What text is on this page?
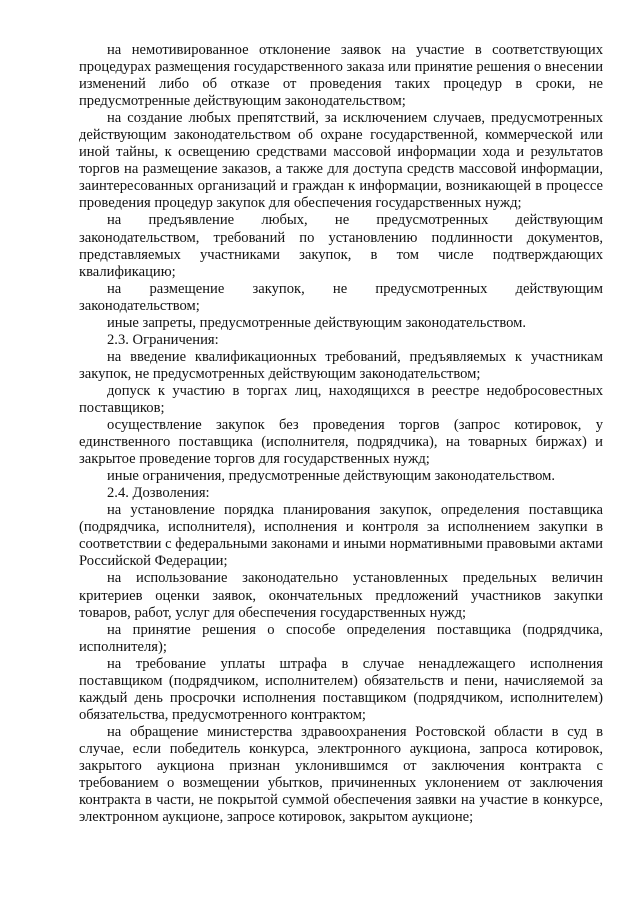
на немотивированное отклонение заявок на участие в соответствующих процедурах размещения государственного заказа или принятие решения о внесении изменений либо об отказе от проведения таких процедур в сроки, не предусмотренные действующим законодательством;

на создание любых препятствий, за исключением случаев, предусмотренных действующим законодательством об охране государственной, коммерческой или иной тайны, к освещению средствами массовой информации хода и результатов торгов на размещение заказов, а также для доступа средств массовой информации, заинтересованных организаций и граждан к информации, возникающей в процессе проведения процедур закупок для обеспечения государственных нужд;

на предъявление любых, не предусмотренных действующим законодательством, требований по установлению подлинности документов, представляемых участниками закупок, в том числе подтверждающих квалификацию;

на размещение закупок, не предусмотренных действующим законодательством;

иные запреты, предусмотренные действующим законодательством.

2.3. Ограничения:

на введение квалификационных требований, предъявляемых к участникам закупок, не предусмотренных действующим законодательством;

допуск к участию в торгах лиц, находящихся в реестре недобросовестных поставщиков;

осуществление закупок без проведения торгов (запрос котировок, у единственного поставщика (исполнителя, подрядчика), на товарных биржах) и закрытое проведение торгов для государственных нужд;

иные ограничения, предусмотренные действующим законодательством.

2.4. Дозволения:

на установление порядка планирования закупок, определения поставщика (подрядчика, исполнителя), исполнения и контроля за исполнением закупки в соответствии с федеральными законами и иными нормативными правовыми актами Российской Федерации;

на использование законодательно установленных предельных величин критериев оценки заявок, окончательных предложений участников закупки товаров, работ, услуг для обеспечения государственных нужд;

на принятие решения о способе определения поставщика (подрядчика, исполнителя);

на требование уплаты штрафа в случае ненадлежащего исполнения поставщиком (подрядчиком, исполнителем) обязательств и пени, начисляемой за каждый день просрочки исполнения поставщиком (подрядчиком, исполнителем) обязательства, предусмотренного контрактом;

на обращение министерства здравоохранения Ростовской области в суд в случае, если победитель конкурса, электронного аукциона, запроса котировок, закрытого аукциона признан уклонившимся от заключения контракта с требованием о возмещении убытков, причиненных уклонением от заключения контракта в части, не покрытой суммой обеспечения заявки на участие в конкурсе, электронном аукционе, запросе котировок, закрытом аукционе;
